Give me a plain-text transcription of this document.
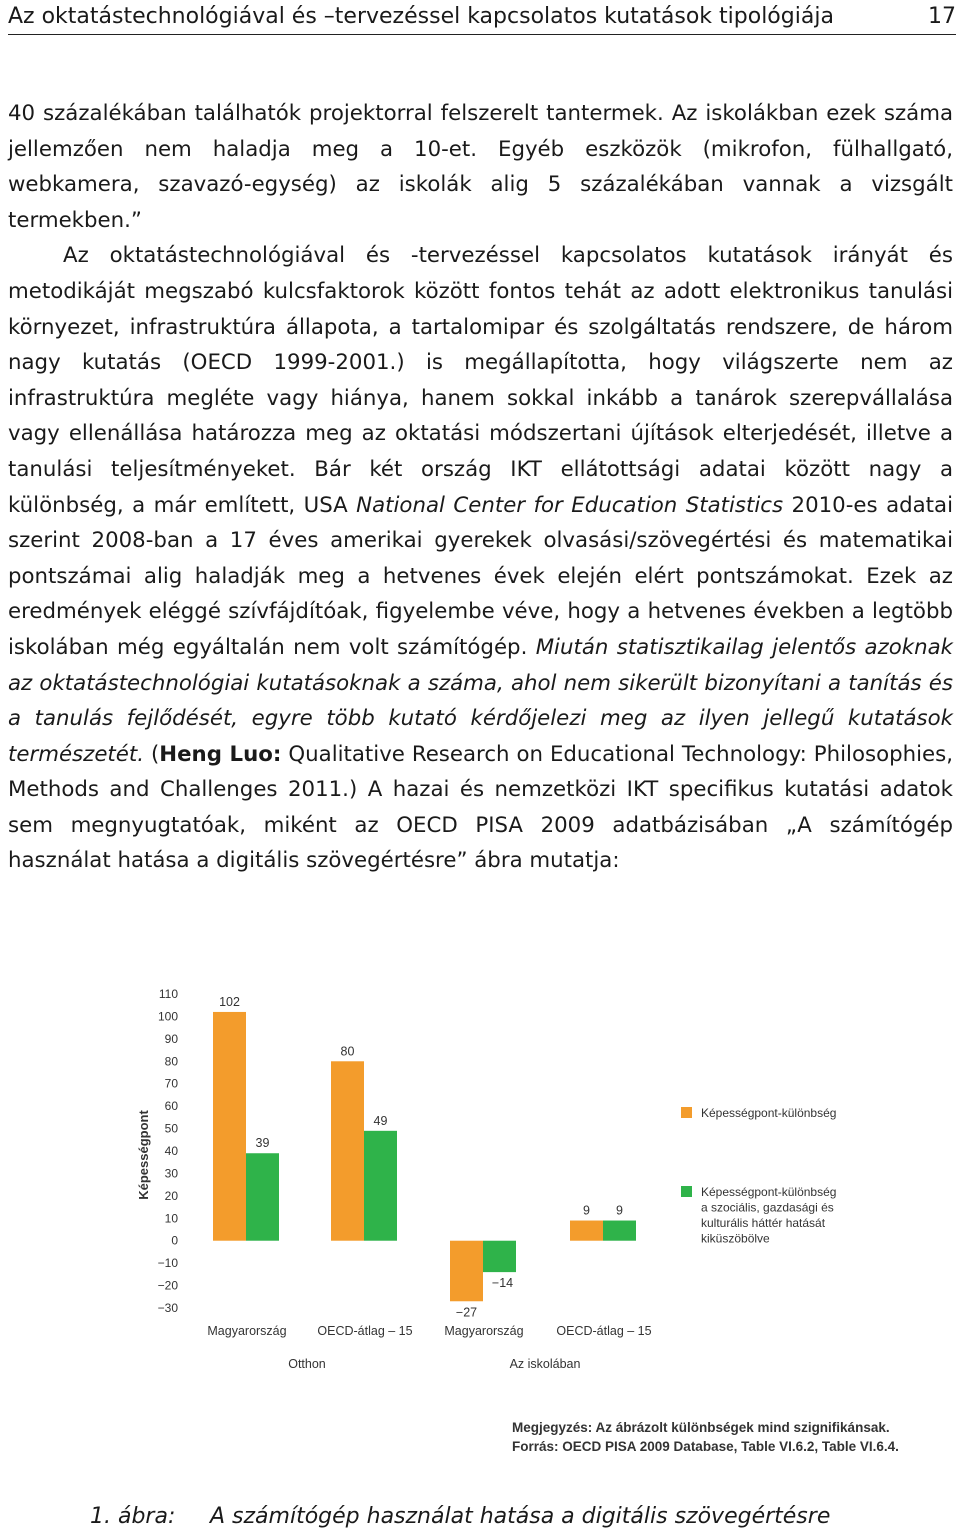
Az oktatástechnológiával és –tervezéssel kapcsolatos kutatások tipológiája	17

40 százalékában találhatók projektorral felszerelt tantermek. Az iskolákban ezek száma jellemzően nem haladja meg a 10-et. Egyéb eszközök (mikrofon, fülhallgató, webkamera, szavazó-egység) az iskolák alig 5 százalékában vannak a vizsgált termekben.”

Az oktatástechnológiával és -tervezéssel kapcsolatos kutatások irányát és metodikáját megszabó kulcsfaktorok között fontos tehát az adott elektronikus tanulási környezet, infrastruktúra állapota, a tartalomipar és szolgáltatás rendszere, de három nagy kutatás (OECD 1999-2001.) is megállapította, hogy világszerte nem az infrastruktúra megléte vagy hiánya, hanem sokkal inkább a tanárok szerepvállalása vagy ellenállása határozza meg az oktatási módszertani újítások elterjedését, illetve a tanulási teljesítményeket. Bár két ország IKT ellátottsági adatai között nagy a különbség, a már említett, USA National Center for Education Statistics 2010-es adatai szerint 2008-ban a 17 éves amerikai gyerekek olvasási/szövegértési és matematikai pontszámai alig haladják meg a hetvenes évek elején elért pontszámokat. Ezek az eredmények eléggé szívfájdítóak, figyelembe véve, hogy a hetvenes években a legtöbb iskolában még egyáltalán nem volt számítógép. Miután statisztikailag jelentős azoknak az oktatástechnológiai kutatásoknak a száma, ahol nem sikerült bizonyítani a tanítás és a tanulás fejlődését, egyre több kutató kérdőjelezi meg az ilyen jellegű kutatások természetét. (Heng Luo: Qualitative Research on Educational Technology: Philosophies, Methods and Challenges 2011.) A hazai és nemzetközi IKT specifikus kutatási adatok sem megnyugtatóak, miként az OECD PISA 2009 adatbázisában „A számítógép használat hatása a digitális szövegértésre” ábra mutatja:

Képességpont
110
100
90
80
70
60
50
40
30
20
10
0
−10
−20
−30
102
80
−27
9
39
49
−14
9
Magyarország OECD-átlag – 15	Magyarország	OECD-átlag – 15
Otthon	Az iskolában
Képességpont-különbség
Képességpont-különbség
a szociális, gazdasági és
kulturális háttér hatását
kiküszöbölve
Megjegyzés: Az ábrázolt különbségek mind szignifikánsak.
Forrás: OECD PISA 2009 Database, Table VI.6.2, Table VI.6.4.
1. ábra: A számítógép használat hatása a digitális szövegértésre
